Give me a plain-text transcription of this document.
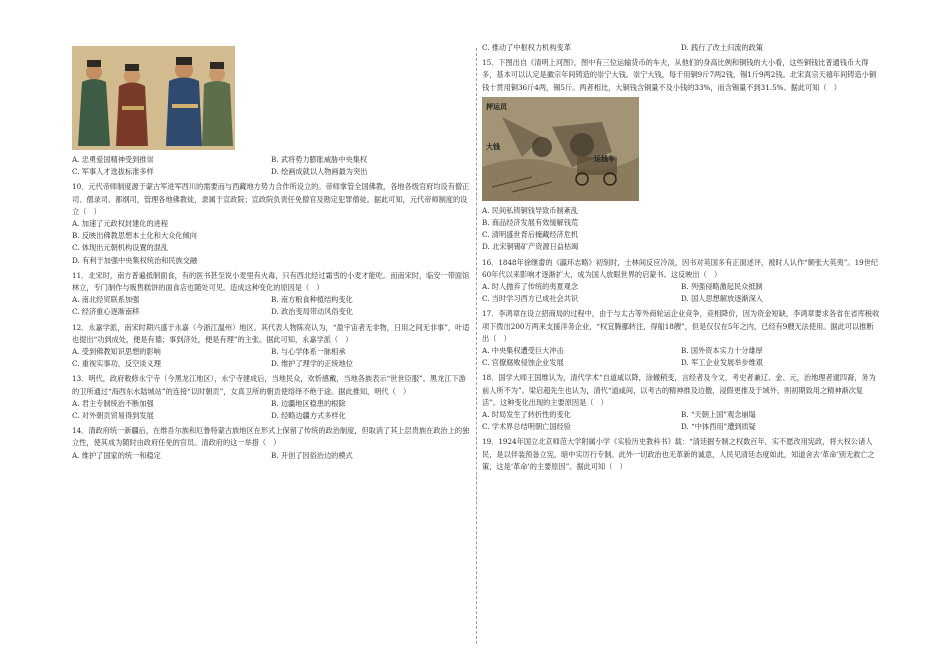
A. 忠勇爱国精神受到推崇	B. 武将势力膨胀威胁中央集权
C. 军事人才选拔标准多样	D. 绘画成就以人物画最为突出

10．元代帝师制度源于蒙古军进军西川的需要而与西藏地方势力合作所设立的。帝师掌管全国佛教，各地各级官府均设有僧正司、僧录司、都纲司，管理各地佛教徒，隶属于宣政院；宣政院负责任免僧官及勘定犯罪僧徒。据此可知，元代帝师制度的设立（　）

A. 加速了元政权封建化的进程
B. 反映出佛教思想本土化和大众化倾向
C. 体现出元朝机构设置的混乱
D. 有利于加强中央集权统治和民族交融

11．北宋时，南方普遍抵制面食，有的医书甚至说小麦里有火毒，只有西北经过霜雪的小麦才能吃。而南宋时，临安一带面馆林立，专门制作与贩售糕饼的面食店也随处可见。造成这种变化的原因是（　）

A. 南北经贸联系加强	B. 南方粮食种植结构变化
C. 经济重心逐渐南移	D. 政治变局带动风俗变化

12．永嘉学派，南宋时期兴盛于永嘉（今浙江温州）地区。其代表人物陈亮认为，“盈宇宙者无非物，日用之间无非事”，叶适也提出“功到成处，便是有德；事到济处，便是有理”的主张。据此可知，永嘉学派（　）

A. 受到佛教知识思想的影响	B. 与心学体系一脉相承
C. 重视实事功，反空谈义理	D. 维护了理学的正统地位

13．明代，政府敕修永宁寺（今黑龙江地区），永宁寺建成后，当地民众，欢忻感戴，当地各族表示“世世臣服”。黑龙江下游的卫所通过“海西东水陆城站”的连接“以时朝贡”，女真卫所的朝贡使络绎不绝于途。据此推知，明代（　）

A. 君主专制统治不断加强	B. 边疆地区稳患的根除
C. 对外朝贡贸易得到发展	D. 经略边疆方式多样化

14．清政府统一新疆后，在维吾尔族和厄鲁特蒙古族地区在形式上保留了传统的政治制度，但取消了其上层贵族在政治上的独立性，使其成为随时由政府任免的官员。清政府的这一举措（　）

A. 维护了国家的统一和稳定	B. 开创了因俗治边的模式
C. 推动了中枢权力机构变革	D. 践行了改土归流的政策

15．下图出自《清明上河图》，图中有三位运输货币的车夫，从他们的身高比例和铜钱的大小看，这些铜钱比普通钱币大得多，基本可以认定是徽宗年间铸造的崇宁大钱。崇宁大钱，每千用铜9斤7两2钱，锡1斤9两2钱。北宋真宗天禧年间铸造小铜钱十贯用铜36斤4两，锡5斤。两者相比，大铜钱含铜量不及小钱的33%，而含锡量不到31.5%。据此可知（　）

押运员
大钱
运钱车
A. 民间私铸铜钱导致币制紊乱
B. 商品经济发展有效缓解钱荒
C. 清明盛世背后掩藏经济危机
D. 北宋铜锡矿产资源日益枯竭

16．1848年徐继畲的《瀛环志略》初刻时，士林间反应冷淡，因书对英国多有正面述评，被时人认作“颇张大英夷”。19世纪60年代以来影响才逐渐扩大，成为国人放眼世界的启蒙书。这反映出（　）

A. 时人抛弃了传统的夷夏观念	B. 列强侵略激起民众抵制
C. 当时学习西方已成社会共识	D. 国人思想解放逐渐深入

17．李鸿章在设立招商局的过程中，由于与太古等外商轮运企业竞争，竞相降价，因为资金短缺，李鸿章要求各省在省库税收项下拨出200万两来支援洋务企业，“权宜腾挪转注，得船18艘”，但是仅仅在5年之内，已经有9艘无法使用。据此可以推断出（　）

A. 中央集权遭受巨大冲击	B. 国外资本实力十分雄厚
C. 官僚腐败侵蚀企业发展	D. 军工企业发展举步维艰

18．国学大师王国维认为，清代学术“自道咸以降，涂辙稍变，言经者及今文，考史者兼辽、金、元，治地理者逮四裔，务为前人所不为”。梁启超先生也认为，清代“道咸间，以考古的精神推及边徼，浸假更推及于域外，则初期致用之精神渐次复活”。这种变化出现的主要原因是（　）

A. 时局发生了转折性的变化	B. “天朝上国”观念崩塌
C. 学术界总结明朝亡国经验	D. “中体西用”遭到质疑

19．1924年国立北京师范大学附属小学《实验历史教科书》载：“清廷掘专制之权数百年，实不愿改用宪政，将大权公诸人民，是以伴装预备立宪，暗中实厉行专制。此外一切政治也无革新的诚意，人民见清廷态度如此，知道舍去‘革命’别无救亡之策，这是‘革命’的主要原因”。据此可知（　）
